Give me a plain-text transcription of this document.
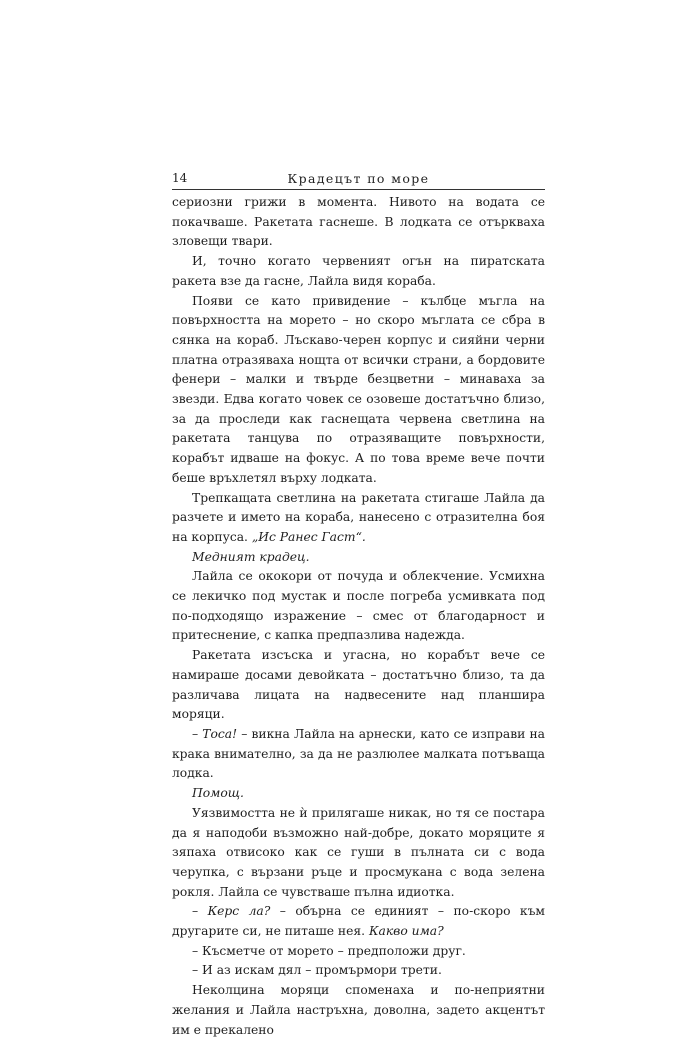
14	Крадецът по море

сериозни грижи в момента. Нивото на водата се покачваше. Ракетата гаснеше. В лодката се отърквaха зловещи твари.

И, точно когато червеният огън на пиратската ракета взе да гасне, Лайла видя кораба.

Появи се като привидение – кълбце мъгла на повърхността на морето – но скоро мъглата се сбра в сянка на кораб. Лъскаво-черен корпус и сияйни черни платна отразяваха нощта от всички страни, а бордовите фенери – малки и твърде безцветни – минаваха за звезди. Едва когато човек се озовеше достатъчно близо, за да проследи как гаснещата червена светлина на ракетата танцува по отразяващите повърхности, корабът идваше на фокус. А по това време вече почти беше връхлетял върху лодката.

Трепкащата светлина на ракетата стигаше Лайла да разчете и името на кораба, нанесено с отразителна боя на корпуса. „Ис Ранес Гаст“.

Медният крадец.

Лайла се ококори от почуда и облекчение. Усмихна се лекичко под мустак и после погреба усмивката под по-подходящо изражение – смес от благодарност и притеснение, с капка предпазлива надежда.

Ракетата изсъска и угасна, но корабът вече се намираше досами девойката – достатъчно близо, та да различава лицата на надвесените над планшира моряци.

– Тоса! – викна Лайла на арнески, като се изправи на крака внимателно, за да не разлюлее малката потъваща лодка.

Помощ.

Уязвимостта не ѝ прилягаше никак, но тя се постара да я наподоби възможно най-добре, докато моряците я зяпаха отвисоко как се гуши в пълната си с вода черупка, с вързани ръце и просмукана с вода зелена рокля. Лайла се чувстваше пълна идиотка.

– Керс ла? – обърна се единият – по-скоро към другарите си, не питаше нея. Какво има?

– Късметче от морето – предположи друг.

– И аз искам дял – промърмори трети.

Неколцина моряци споменаха и по-неприятни желания и Лайла настръхна, доволна, задето акцентът им е прекалено
